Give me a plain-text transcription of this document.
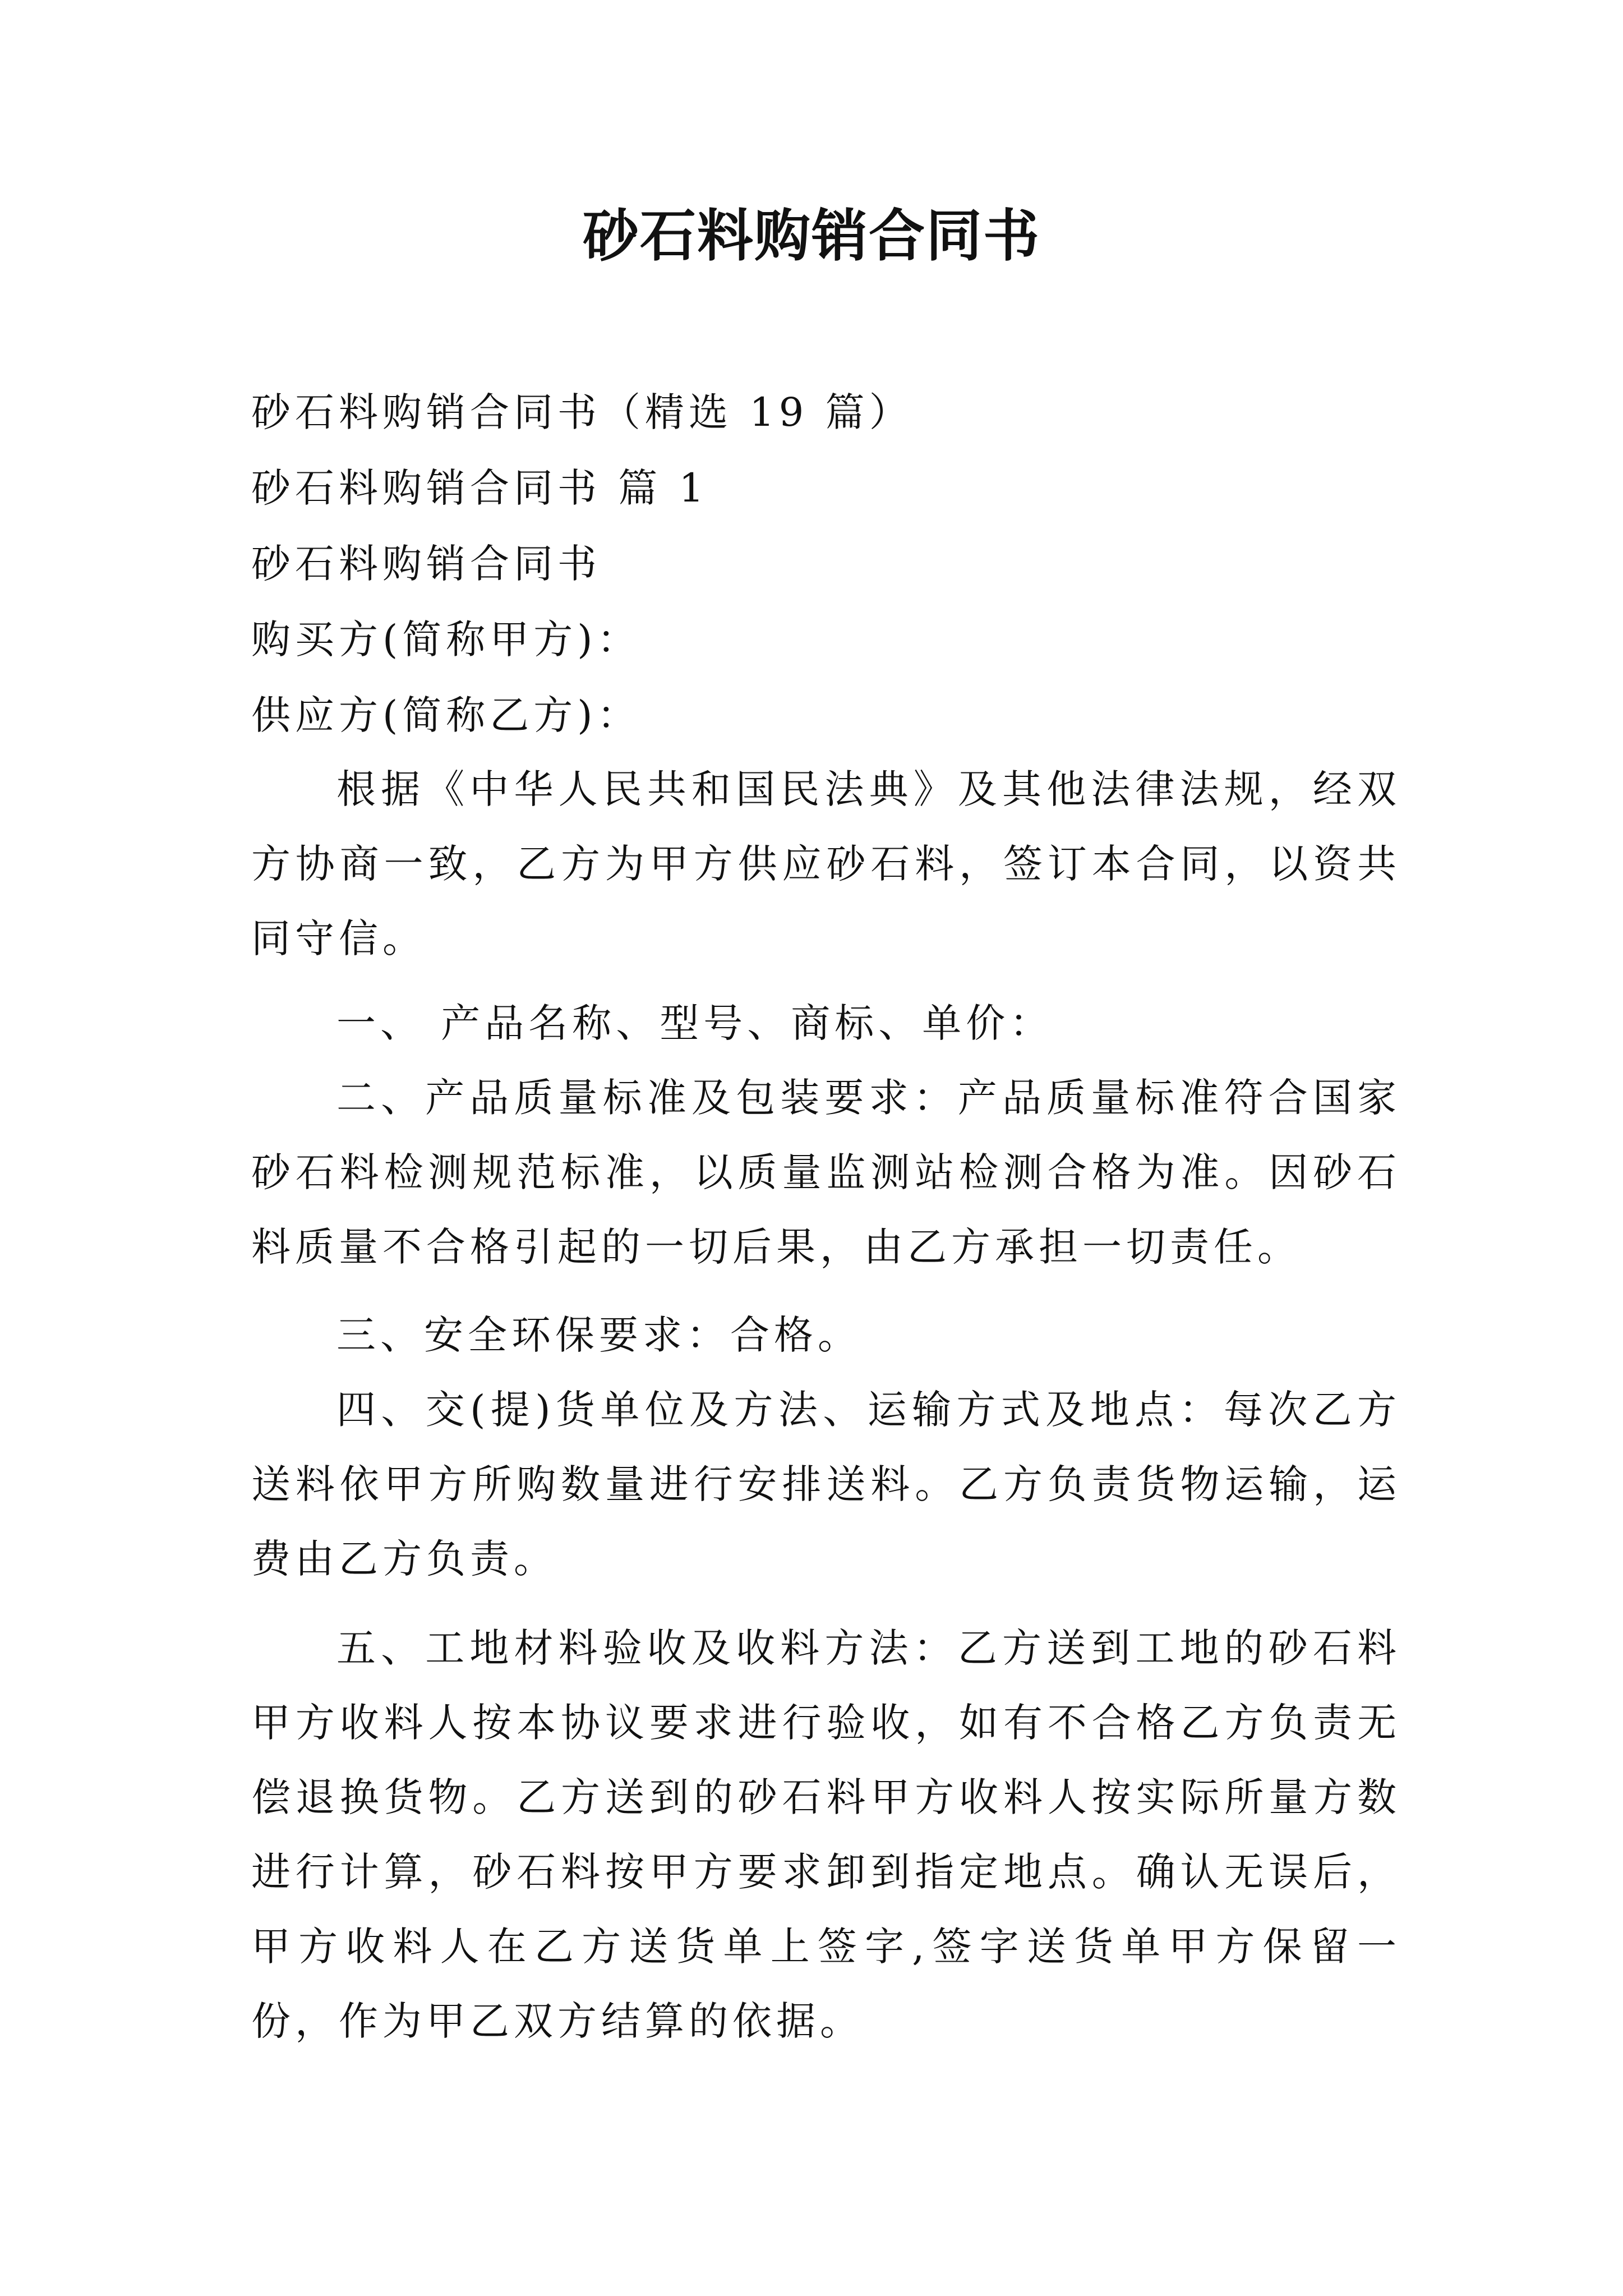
砂石料购销合同书
砂石料购销合同书（精选 19 篇）
砂石料购销合同书 篇 1
砂石料购销合同书
购买方(简称甲方)：
供应方(简称乙方)：
根据《中华人民共和国民法典》及其他法律法规，经双方协商一致，乙方为甲方供应砂石料，签订本合同，以资共同守信。
一、 产品名称、型号、商标、单价：
二、产品质量标准及包装要求：产品质量标准符合国家砂石料检测规范标准，以质量监测站检测合格为准。因砂石料质量不合格引起的一切后果，由乙方承担一切责任。
三、安全环保要求：合格。
四、交(提)货单位及方法、运输方式及地点：每次乙方送料依甲方所购数量进行安排送料。乙方负责货物运输，运费由乙方负责。
五、工地材料验收及收料方法：乙方送到工地的砂石料甲方收料人按本协议要求进行验收，如有不合格乙方负责无偿退换货物。乙方送到的砂石料甲方收料人按实际所量方数进行计算，砂石料按甲方要求卸到指定地点。确认无误后，甲方收料人在乙方送货单上签字,签字送货单甲方保留一份，作为甲乙双方结算的依据。
